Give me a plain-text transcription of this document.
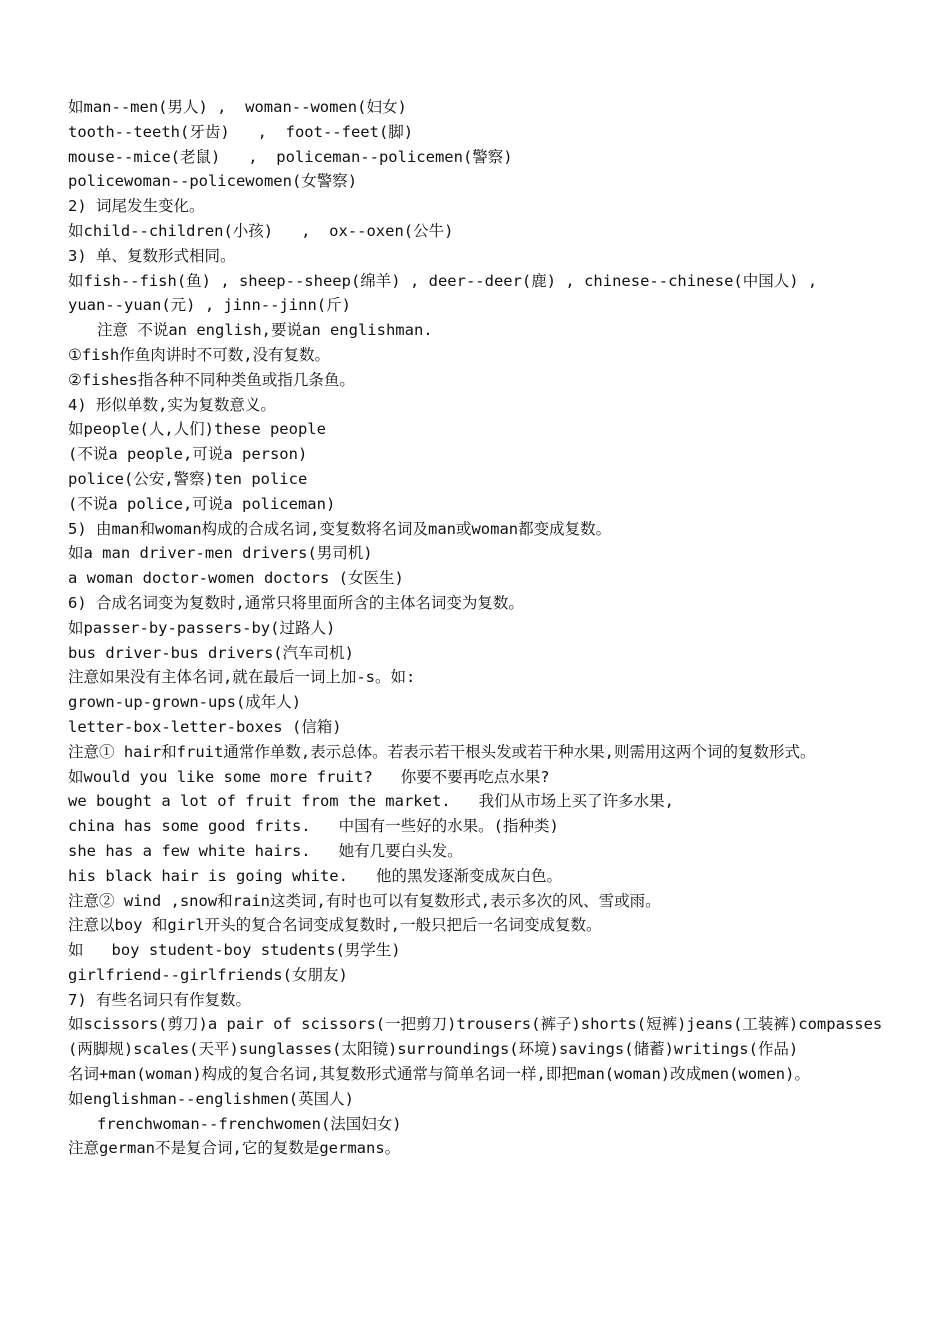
如man--men(男人) ,  woman--women(妇女)
tooth--teeth(牙齿)   ,  foot--feet(脚)
mouse--mice(老鼠)   ,  policeman--policemen(警察)
policewoman--policewomen(女警察)
2) 词尾发生变化。
如child--children(小孩)   ,  ox--oxen(公牛)
3) 单、复数形式相同。
如fish--fish(鱼) , sheep--sheep(绵羊) , deer--deer(鹿) , chinese--chinese(中国人) ,
yuan--yuan(元) , jinn--jinn(斤)
注意 不说an english,要说an englishman.
①fish作鱼肉讲时不可数,没有复数。
②fishes指各种不同种类鱼或指几条鱼。
4) 形似单数,实为复数意义。
如people(人,人们)these people
(不说a people,可说a person)
police(公安,警察)ten police
(不说a police,可说a policeman)
5) 由man和woman构成的合成名词,变复数将名词及man或woman都变成复数。
如a man driver-men drivers(男司机)
a woman doctor-women doctors (女医生)
6) 合成名词变为复数时,通常只将里面所含的主体名词变为复数。
如passer-by-passers-by(过路人)
bus driver-bus drivers(汽车司机)
注意如果没有主体名词,就在最后一词上加-s。如:
grown-up-grown-ups(成年人)
letter-box-letter-boxes (信箱)
注意① hair和fruit通常作单数,表示总体。若表示若干根头发或若干种水果,则需用这两个词的复数形式。
如would you like some more fruit?   你要不要再吃点水果?
we bought a lot of fruit from the market.   我们从市场上买了许多水果,
china has some good frits.   中国有一些好的水果。(指种类)
she has a few white hairs.   她有几要白头发。
his black hair is going white.   他的黑发逐渐变成灰白色。
注意② wind ,snow和rain这类词,有时也可以有复数形式,表示多次的风、雪或雨。
注意以boy 和girl开头的复合名词变成复数时,一般只把后一名词变成复数。
如   boy student-boy students(男学生)
girlfriend--girlfriends(女朋友)
7) 有些名词只有作复数。
如scissors(剪刀)a pair of scissors(一把剪刀)trousers(裤子)shorts(短裤)jeans(工装裤)compasses(两脚规)scales(天平)sunglasses(太阳镜)surroundings(环境)savings(储蓄)writings(作品)
名词+man(woman)构成的复合名词,其复数形式通常与简单名词一样,即把man(woman)改成men(women)。
如englishman--englishmen(英国人)
frenchwoman--frenchwomen(法国妇女)
注意german不是复合词,它的复数是germans。
